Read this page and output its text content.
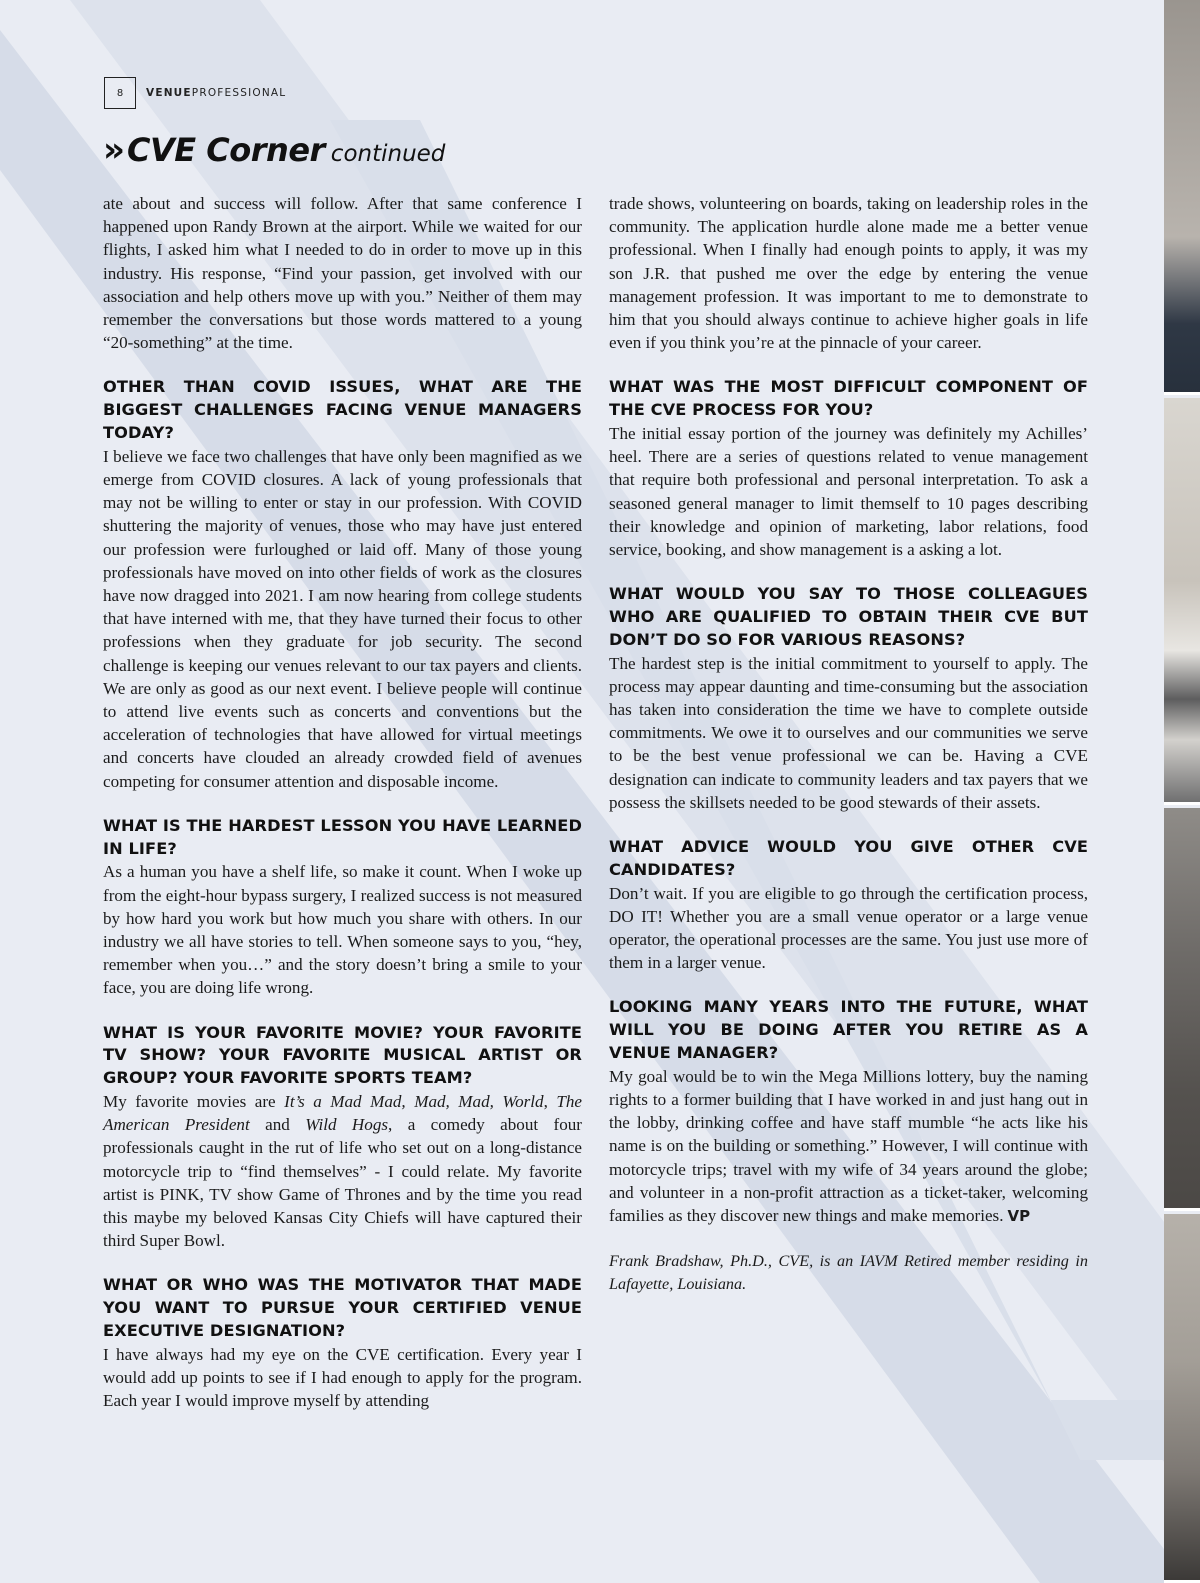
8	VENUEPROFESSIONAL
›› CVE Corner continued

ate about and success will follow. After that same conference I happened upon Randy Brown at the airport. While we waited for our flights, I asked him what I needed to do in order to move up in this industry. His response, “Find your passion, get involved with our association and help others move up with you.” Neither of them may remember the conversations but those words mattered to a young “20-something” at the time.

OTHER THAN COVID ISSUES, WHAT ARE THE BIGGEST CHALLENGES FACING VENUE MANAGERS TODAY?

I believe we face two challenges that have only been magnified as we emerge from COVID closures. A lack of young professionals that may not be willing to enter or stay in our profession. With COVID shuttering the majority of venues, those who may have just entered our profession were furloughed or laid off. Many of those young professionals have moved on into other fields of work as the closures have now dragged into 2021. I am now hearing from college students that have interned with me, that they have turned their focus to other professions when they graduate for job security. The second challenge is keeping our venues relevant to our tax payers and clients. We are only as good as our next event. I believe people will continue to attend live events such as concerts and conventions but the acceleration of technologies that have allowed for virtual meetings and concerts have clouded an already crowded field of avenues competing for consumer attention and disposable income.

WHAT IS THE HARDEST LESSON YOU HAVE LEARNED IN LIFE?

As a human you have a shelf life, so make it count. When I woke up from the eight-hour bypass surgery, I realized success is not measured by how hard you work but how much you share with others. In our industry we all have stories to tell. When someone says to you, “hey, remember when you…” and the story doesn’t bring a smile to your face, you are doing life wrong.

WHAT IS YOUR FAVORITE MOVIE? YOUR FAVORITE TV SHOW? YOUR FAVORITE MUSICAL ARTIST OR GROUP? YOUR FAVORITE SPORTS TEAM?

My favorite movies are It’s a Mad Mad, Mad, Mad, World, The American President and Wild Hogs, a comedy about four professionals caught in the rut of life who set out on a long-distance motorcycle trip to “find themselves” - I could relate. My favorite artist is PINK, TV show Game of Thrones and by the time you read this maybe my beloved Kansas City Chiefs will have captured their third Super Bowl.

WHAT OR WHO WAS THE MOTIVATOR THAT MADE YOU WANT TO PURSUE YOUR CERTIFIED VENUE EXECUTIVE DESIGNATION?

I have always had my eye on the CVE certification. Every year I would add up points to see if I had enough to apply for the program. Each year I would improve myself by attending

trade shows, volunteering on boards, taking on leadership roles in the community. The application hurdle alone made me a better venue professional. When I finally had enough points to apply, it was my son J.R. that pushed me over the edge by entering the venue management profession. It was important to me to demonstrate to him that you should always continue to achieve higher goals in life even if you think you’re at the pinnacle of your career.

WHAT WAS THE MOST DIFFICULT COMPONENT OF THE CVE PROCESS FOR YOU?

The initial essay portion of the journey was definitely my Achilles’ heel. There are a series of questions related to venue management that require both professional and personal interpretation. To ask a seasoned general manager to limit themself to 10 pages describing their knowledge and opinion of marketing, labor relations, food service, booking, and show management is a asking a lot.

WHAT WOULD YOU SAY TO THOSE COLLEAGUES WHO ARE QUALIFIED TO OBTAIN THEIR CVE BUT DON’T DO SO FOR VARIOUS REASONS?

The hardest step is the initial commitment to yourself to apply. The process may appear daunting and time-consuming but the association has taken into consideration the time we have to complete outside commitments. We owe it to ourselves and our communities we serve to be the best venue professional we can be. Having a CVE designation can indicate to community leaders and tax payers that we possess the skillsets needed to be good stewards of their assets.

WHAT ADVICE WOULD YOU GIVE OTHER CVE CANDIDATES?

Don’t wait. If you are eligible to go through the certification process, DO IT! Whether you are a small venue operator or a large venue operator, the operational processes are the same. You just use more of them in a larger venue.

LOOKING MANY YEARS INTO THE FUTURE, WHAT WILL YOU BE DOING AFTER YOU RETIRE AS A VENUE MANAGER?

My goal would be to win the Mega Millions lottery, buy the naming rights to a former building that I have worked in and just hang out in the lobby, drinking coffee and have staff mumble “he acts like his name is on the building or something.” However, I will continue with motorcycle trips; travel with my wife of 34 years around the globe; and volunteer in a non-profit attraction as a ticket-taker, welcoming families as they discover new things and make memories. VP

Frank Bradshaw, Ph.D., CVE, is an IAVM Retired member residing in Lafayette, Louisiana.
